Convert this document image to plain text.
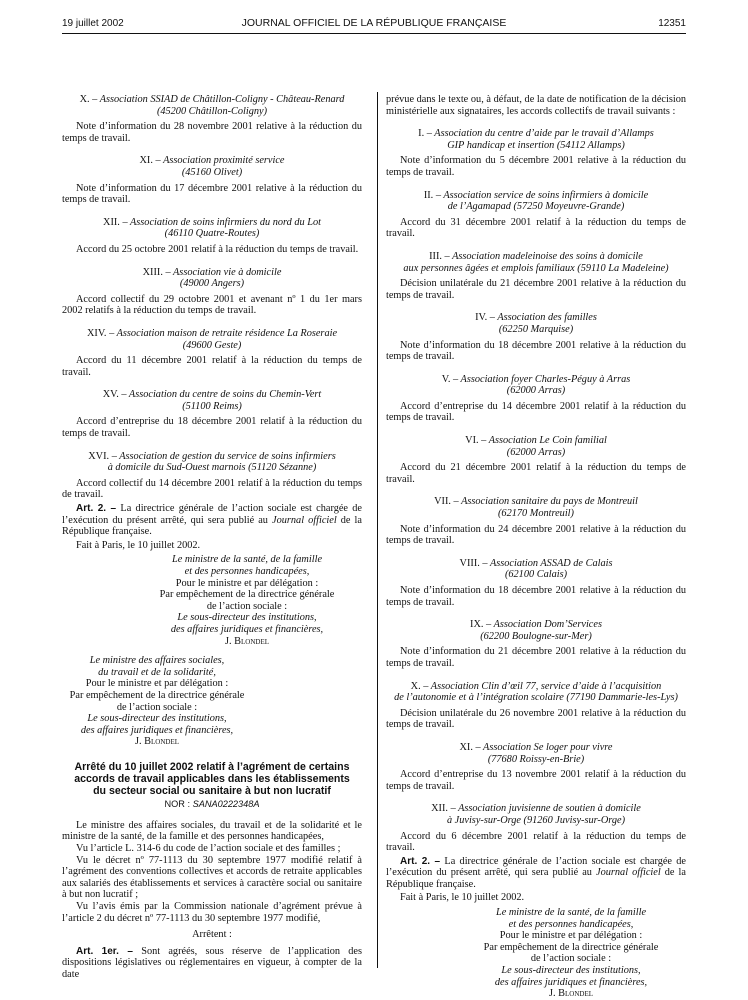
19 juillet 2002	JOURNAL OFFICIEL DE LA RÉPUBLIQUE FRANÇAISE	12351

X. – Association SSIAD de Châtillon-Coligny - Château-Renard

(45200 Châtillon-Coligny)

Note d’information du 28 novembre 2001 relative à la réduction du temps de travail.

XI. – Association proximité service

(45160 Olivet)

Note d’information du 17 décembre 2001 relative à la réduction du temps de travail.

XII. – Association de soins infirmiers du nord du Lot

(46110 Quatre-Routes)

Accord du 25 octobre 2001 relatif à la réduction du temps de travail.

XIII. – Association vie à domicile

(49000 Angers)

Accord collectif du 29 octobre 2001 et avenant nº 1 du 1er mars 2002 relatifs à la réduction du temps de travail.

XIV. – Association maison de retraite résidence La Roseraie

(49600 Geste)

Accord du 11 décembre 2001 relatif à la réduction du temps de travail.

XV. – Association du centre de soins du Chemin-Vert

(51100 Reims)

Accord d’entreprise du 18 décembre 2001 relatif à la réduction du temps de travail.

XVI. – Association de gestion du service de soins infirmiers

à domicile du Sud-Ouest marnois (51120 Sézanne)

Accord collectif du 14 décembre 2001 relatif à la réduction du temps de travail.

Art. 2. – La directrice générale de l’action sociale est chargée de l’exécution du présent arrêté, qui sera publié au Journal officiel de la République française.

Fait à Paris, le 10 juillet 2002.

Le ministre de la santé, de la famille
et des personnes handicapées,
Pour le ministre et par délégation :
Par empêchement de la directrice générale
de l’action sociale :
Le sous-directeur des institutions,
des affaires juridiques et financières,
J. Blondel
Le ministre des affaires sociales,
du travail et de la solidarité,
Pour le ministre et par délégation :
Par empêchement de la directrice générale
de l’action sociale :
Le sous-directeur des institutions,
des affaires juridiques et financières,
J. Blondel

Arrêté du 10 juillet 2002 relatif à l’agrément de certains

accords de travail applicables dans les établissements

du secteur social ou sanitaire à but non lucratif

NOR : SANA0222348A

Le ministre des affaires sociales, du travail et de la solidarité et le ministre de la santé, de la famille et des personnes handicapées,

Vu l’article L. 314-6 du code de l’action sociale et des familles ;

Vu le décret nº 77-1113 du 30 septembre 1977 modifié relatif à l’agrément des conventions collectives et accords de retraite applicables aux salariés des établissements et services à caractère social ou sanitaire à but non lucratif ;

Vu l’avis émis par la Commission nationale d’agrément prévue à l’article 2 du décret nº 77-1113 du 30 septembre 1977 modifié,

Arrêtent :

Art. 1er. – Sont agréés, sous réserve de l’application des dispositions législatives ou réglementaires en vigueur, à compter de la date

prévue dans le texte ou, à défaut, de la date de notification de la décision ministérielle aux signataires, les accords collectifs de travail suivants :

I. – Association du centre d’aide par le travail d’Allamps

GIP handicap et insertion (54112 Allamps)

Note d’information du 5 décembre 2001 relative à la réduction du temps de travail.

II. – Association service de soins infirmiers à domicile

de l’Agamapad (57250 Moyeuvre-Grande)

Accord du 31 décembre 2001 relatif à la réduction du temps de travail.

III. – Association madeleinoise des soins à domicile

aux personnes âgées et emplois familiaux (59110 La Madeleine)

Décision unilatérale du 21 décembre 2001 relative à la réduction du temps de travail.

IV. – Association des familles

(62250 Marquise)

Note d’information du 18 décembre 2001 relative à la réduction du temps de travail.

V. – Association foyer Charles-Péguy à Arras

(62000 Arras)

Accord d’entreprise du 14 décembre 2001 relatif à la réduction du temps de travail.

VI. – Association Le Coin familial

(62000 Arras)

Accord du 21 décembre 2001 relatif à la réduction du temps de travail.

VII. – Association sanitaire du pays de Montreuil

(62170 Montreuil)

Note d’information du 24 décembre 2001 relative à la réduction du temps de travail.

VIII. – Association ASSAD de Calais

(62100 Calais)

Note d’information du 18 décembre 2001 relative à la réduction du temps de travail.

IX. – Association Dom’Services

(62200 Boulogne-sur-Mer)

Note d’information du 21 décembre 2001 relative à la réduction du temps de travail.

X. – Association Clin d’œil 77, service d’aide à l’acquisition

de l’autonomie et à l’intégration scolaire (77190 Dammarie-les-Lys)

Décision unilatérale du 26 novembre 2001 relative à la réduction du temps de travail.

XI. – Association Se loger pour vivre

(77680 Roissy-en-Brie)

Accord d’entreprise du 13 novembre 2001 relatif à la réduction du temps de travail.

XII. – Association juvisienne de soutien à domicile

à Juvisy-sur-Orge (91260 Juvisy-sur-Orge)

Accord du 6 décembre 2001 relatif à la réduction du temps de travail.

Art. 2. – La directrice générale de l’action sociale est chargée de l’exécution du présent arrêté, qui sera publié au Journal officiel de la République française.

Fait à Paris, le 10 juillet 2002.

Le ministre de la santé, de la famille
et des personnes handicapées,
Pour le ministre et par délégation :
Par empêchement de la directrice générale
de l’action sociale :
Le sous-directeur des institutions,
des affaires juridiques et financières,
J. Blondel
